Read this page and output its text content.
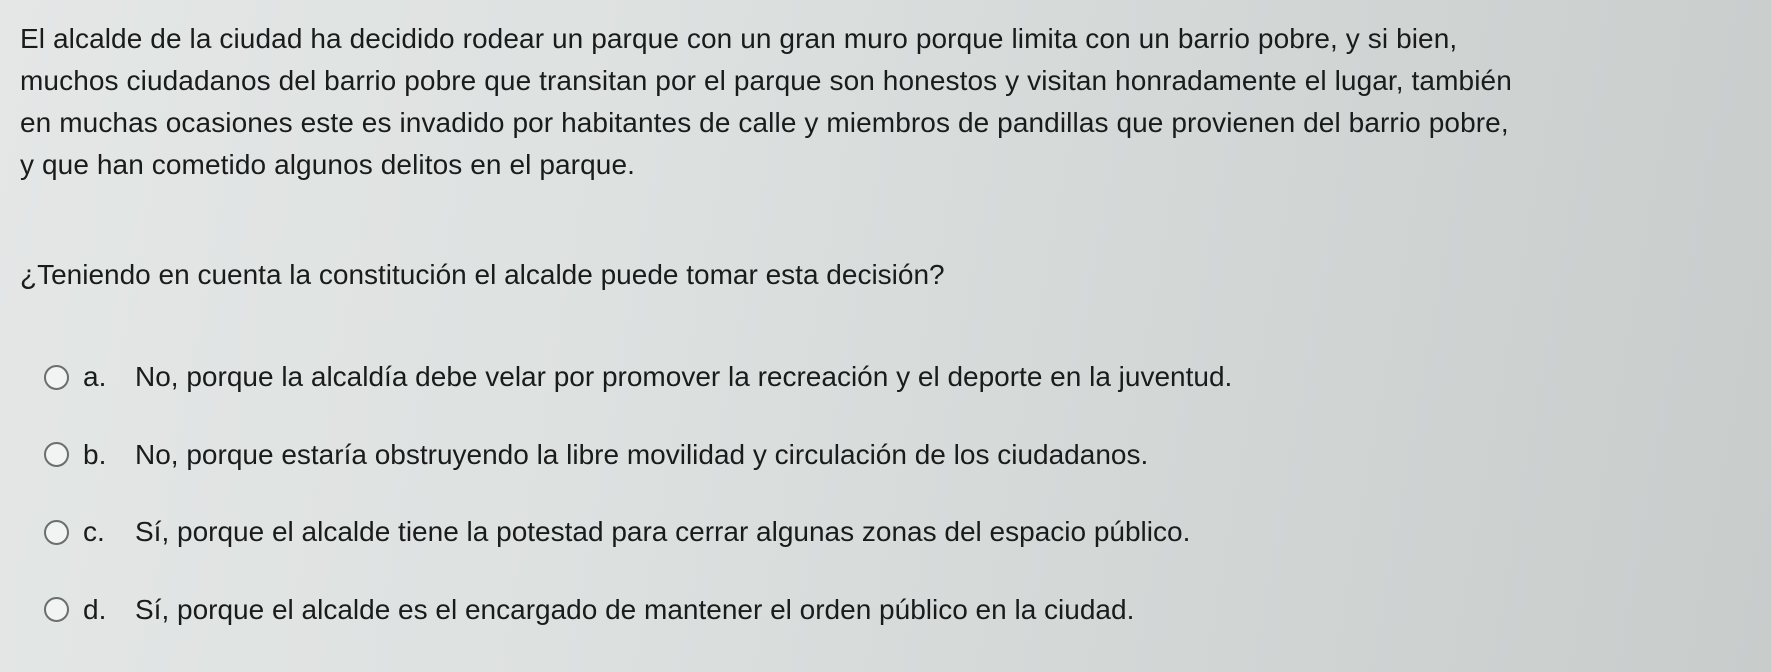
El alcalde de la ciudad ha decidido rodear un parque con un gran muro porque limita con un barrio pobre, y si bien,

muchos ciudadanos del barrio pobre que transitan por el parque son honestos y visitan honradamente el lugar, también

en muchas ocasiones este es invadido por habitantes de calle y miembros de pandillas que provienen del barrio pobre,

y que han cometido algunos delitos en el parque.

¿Teniendo en cuenta la constitución el alcalde puede tomar esta decisión?
a.	No, porque la alcaldía debe velar por promover la recreación y el deporte en la juventud.
b.	No, porque estaría obstruyendo la libre movilidad y circulación de los ciudadanos.
c.	Sí, porque el alcalde tiene la potestad para cerrar algunas zonas del espacio público.
d.	Sí, porque el alcalde es el encargado de mantener el orden público en la ciudad.
